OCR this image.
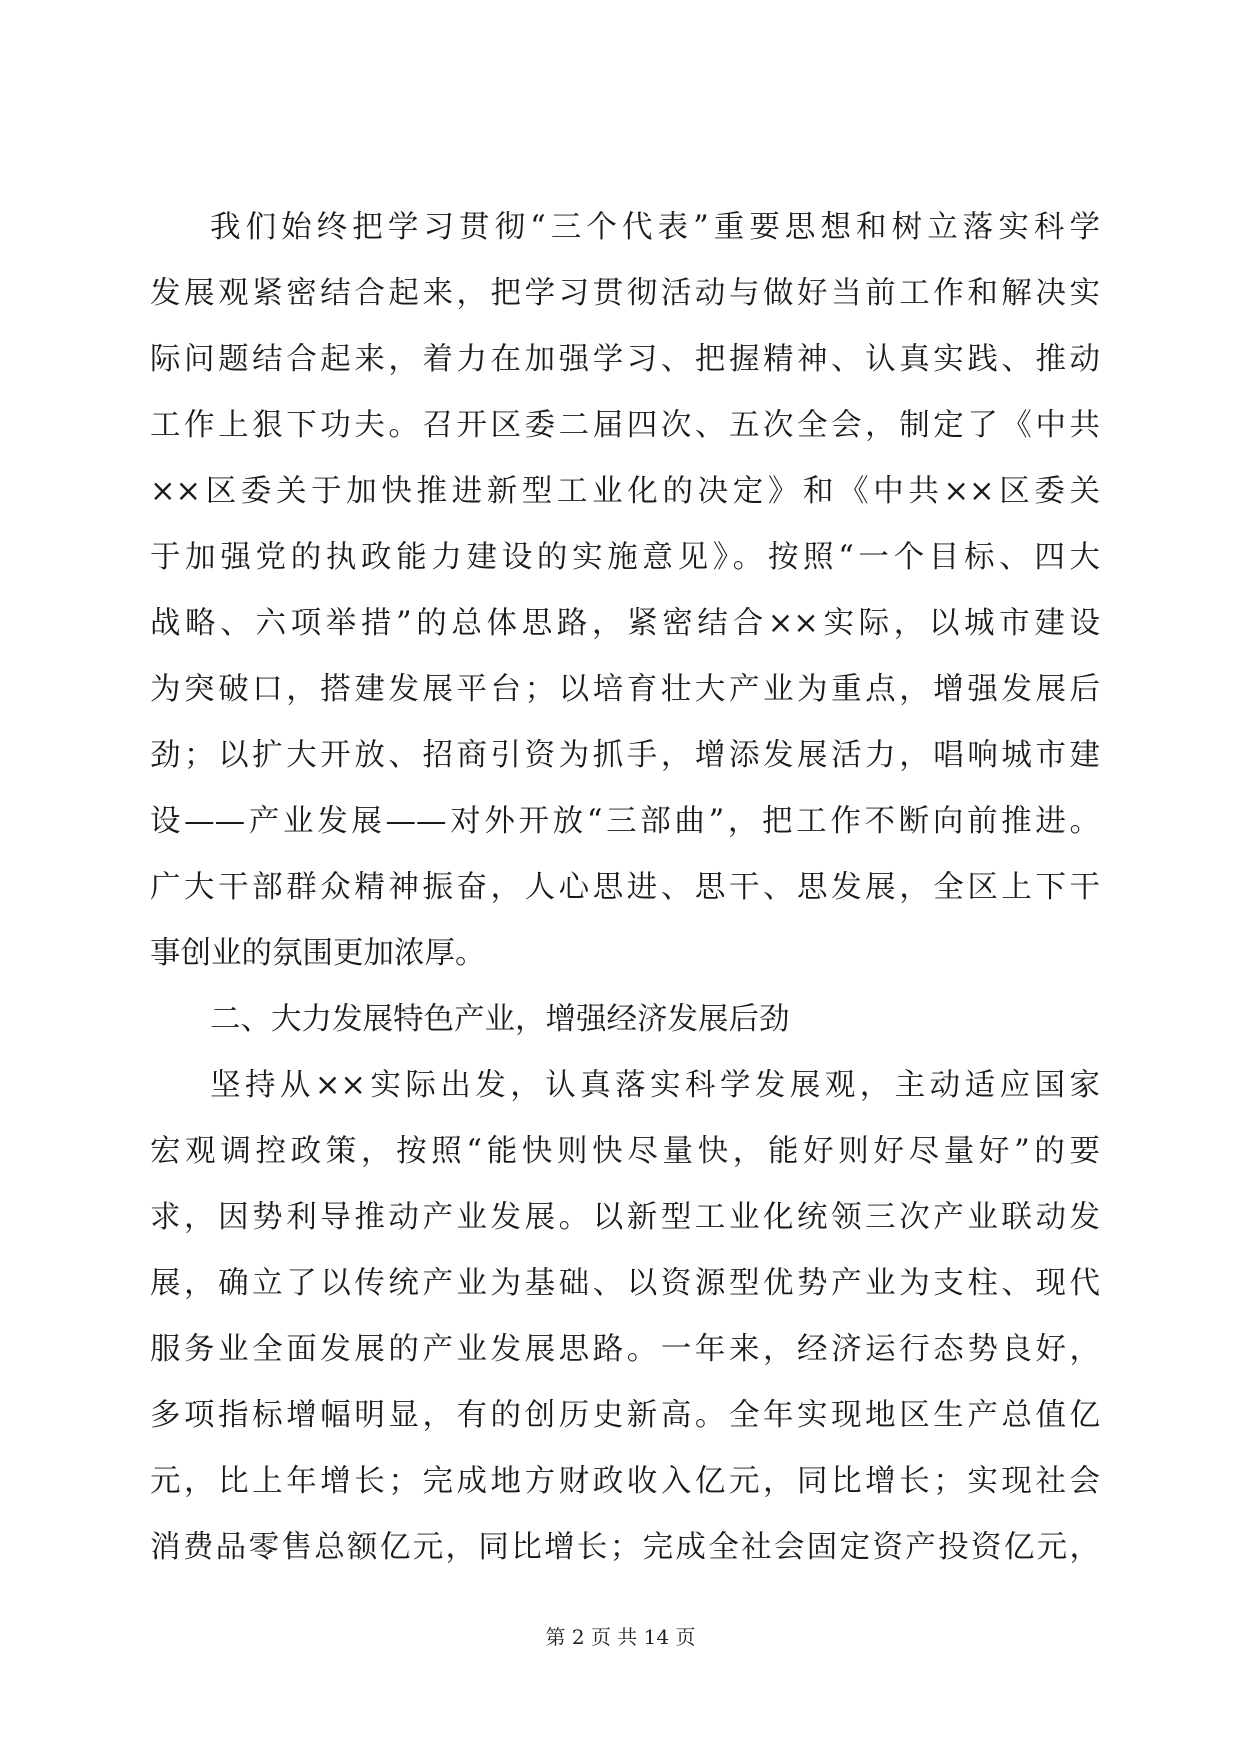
我们始终把学习贯彻“三个代表”重要思想和树立落实科学
发展观紧密结合起来，把学习贯彻活动与做好当前工作和解决实
际问题结合起来，着力在加强学习、把握精神、认真实践、推动
工作上狠下功夫。召开区委二届四次、五次全会，制定了《中共
××区委关于加快推进新型工业化的决定》和《中共××区委关
于加强党的执政能力建设的实施意见》。按照“一个目标、四大
战略、六项举措”的总体思路，紧密结合××实际，以城市建设
为突破口，搭建发展平台；以培育壮大产业为重点，增强发展后
劲；以扩大开放、招商引资为抓手，增添发展活力，唱响城市建
设——产业发展——对外开放“三部曲”，把工作不断向前推进。
广大干部群众精神振奋，人心思进、思干、思发展，全区上下干
事创业的氛围更加浓厚。
二、大力发展特色产业，增强经济发展后劲
坚持从××实际出发，认真落实科学发展观，主动适应国家
宏观调控政策，按照“能快则快尽量快，能好则好尽量好”的要
求，因势利导推动产业发展。以新型工业化统领三次产业联动发
展，确立了以传统产业为基础、以资源型优势产业为支柱、现代
服务业全面发展的产业发展思路。一年来，经济运行态势良好，
多项指标增幅明显，有的创历史新高。全年实现地区生产总值亿
元，比上年增长；完成地方财政收入亿元，同比增长；实现社会
消费品零售总额亿元，同比增长；完成全社会固定资产投资亿元，
第 2 页 共 14 页
